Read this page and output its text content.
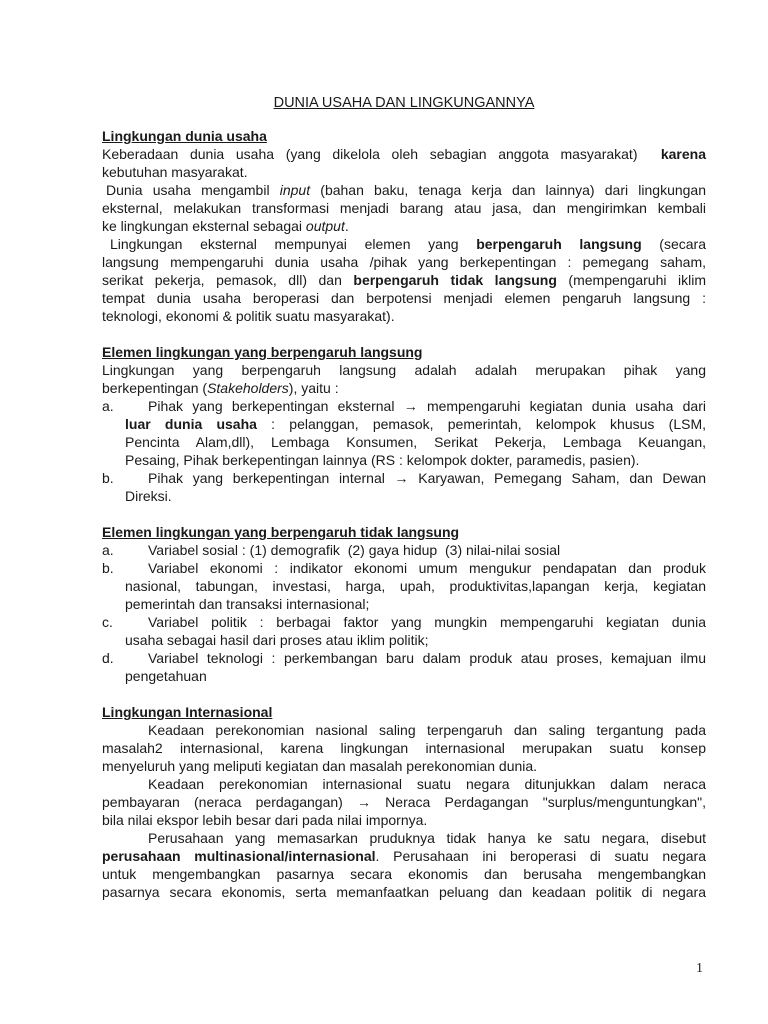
DUNIA USAHA DAN LINGKUNGANNYA
Lingkungan dunia usaha
Keberadaan dunia usaha (yang dikelola oleh sebagian anggota masyarakat)  karena
kebutuhan masyarakat.
Dunia usaha mengambil input (bahan baku, tenaga kerja dan lainnya) dari lingkungan
eksternal, melakukan transformasi menjadi barang atau jasa, dan mengirimkan kembali
ke lingkungan eksternal sebagai output.
Lingkungan eksternal mempunyai elemen yang berpengaruh langsung (secara
langsung mempengaruhi dunia usaha /pihak yang berkepentingan : pemegang saham,
serikat pekerja, pemasok, dll) dan berpengaruh tidak langsung (mempengaruhi iklim
tempat dunia usaha beroperasi dan berpotensi menjadi elemen pengaruh langsung :
teknologi, ekonomi & politik suatu masyarakat).
Elemen lingkungan yang berpengaruh langsung
Lingkungan yang berpengaruh langsung adalah adalah merupakan pihak yang
berkepentingan (Stakeholders), yaitu :
a. Pihak yang berkepentingan eksternal → mempengaruhi kegiatan dunia usaha dari
luar dunia usaha : pelanggan, pemasok, pemerintah, kelompok khusus (LSM,
Pencinta Alam,dll), Lembaga Konsumen, Serikat Pekerja, Lembaga Keuangan,
Pesaing, Pihak berkepentingan lainnya (RS : kelompok dokter, paramedis, pasien).
b. Pihak yang berkepentingan internal → Karyawan, Pemegang Saham, dan Dewan
Direksi.
Elemen lingkungan yang berpengaruh tidak langsung
a. Variabel sosial : (1) demografik  (2) gaya hidup  (3) nilai-nilai sosial
b. Variabel ekonomi : indikator ekonomi umum mengukur pendapatan dan produk
nasional, tabungan, investasi, harga, upah, produktivitas,lapangan kerja, kegiatan
pemerintah dan transaksi internasional;
c.	Variabel politik : berbagai faktor yang mungkin mempengaruhi kegiatan dunia
usaha sebagai hasil dari proses atau iklim politik;
d. Variabel teknologi : perkembangan baru dalam produk atau proses, kemajuan ilmu
pengetahuan
Lingkungan Internasional
Keadaan perekonomian nasional saling terpengaruh dan saling tergantung pada
masalah2 internasional, karena lingkungan internasional merupakan suatu konsep
menyeluruh yang meliputi kegiatan dan masalah perekonomian dunia.
Keadaan perekonomian internasional suatu negara ditunjukkan dalam neraca
pembayaran (neraca perdagangan) → Neraca Perdagangan "surplus/menguntungkan",
bila nilai ekspor lebih besar dari pada nilai impornya.
Perusahaan yang memasarkan pruduknya tidak hanya ke satu negara, disebut
perusahaan multinasional/internasional. Perusahaan ini beroperasi di suatu negara
untuk mengembangkan pasarnya secara ekonomis dan berusaha mengembangkan
pasarnya secara ekonomis, serta memanfaatkan peluang dan keadaan politik di negara
1
